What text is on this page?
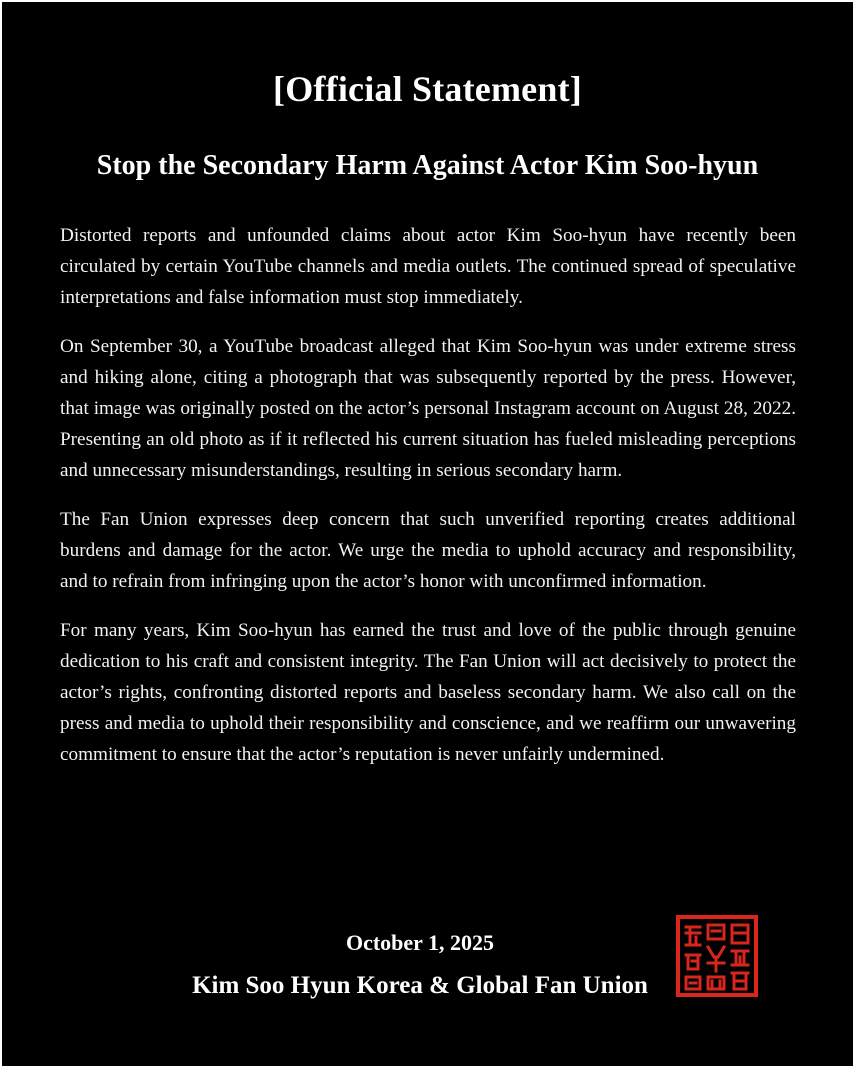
[Official Statement]
Stop the Secondary Harm Against Actor Kim Soo-hyun

Distorted reports and unfounded claims about actor Kim Soo-hyun have recently been circulated by certain YouTube channels and media outlets. The continued spread of speculative interpretations and false information must stop immediately.

On September 30, a YouTube broadcast alleged that Kim Soo-hyun was under extreme stress and hiking alone, citing a photograph that was subsequently reported by the press. However, that image was originally posted on the actor’s personal Instagram account on August 28, 2022. Presenting an old photo as if it reflected his current situation has fueled misleading perceptions and unnecessary misunderstandings, resulting in serious secondary harm.

The Fan Union expresses deep concern that such unverified reporting creates additional burdens and damage for the actor. We urge the media to uphold accuracy and responsibility, and to refrain from infringing upon the actor’s honor with unconfirmed information.

For many years, Kim Soo-hyun has earned the trust and love of the public through genuine dedication to his craft and consistent integrity. The Fan Union will act decisively to protect the actor’s rights, confronting distorted reports and baseless secondary harm. We also call on the press and media to uphold their responsibility and conscience, and we reaffirm our unwavering commitment to ensure that the actor’s reputation is never unfairly undermined.

October 1, 2025
Kim Soo Hyun Korea & Global Fan Union
